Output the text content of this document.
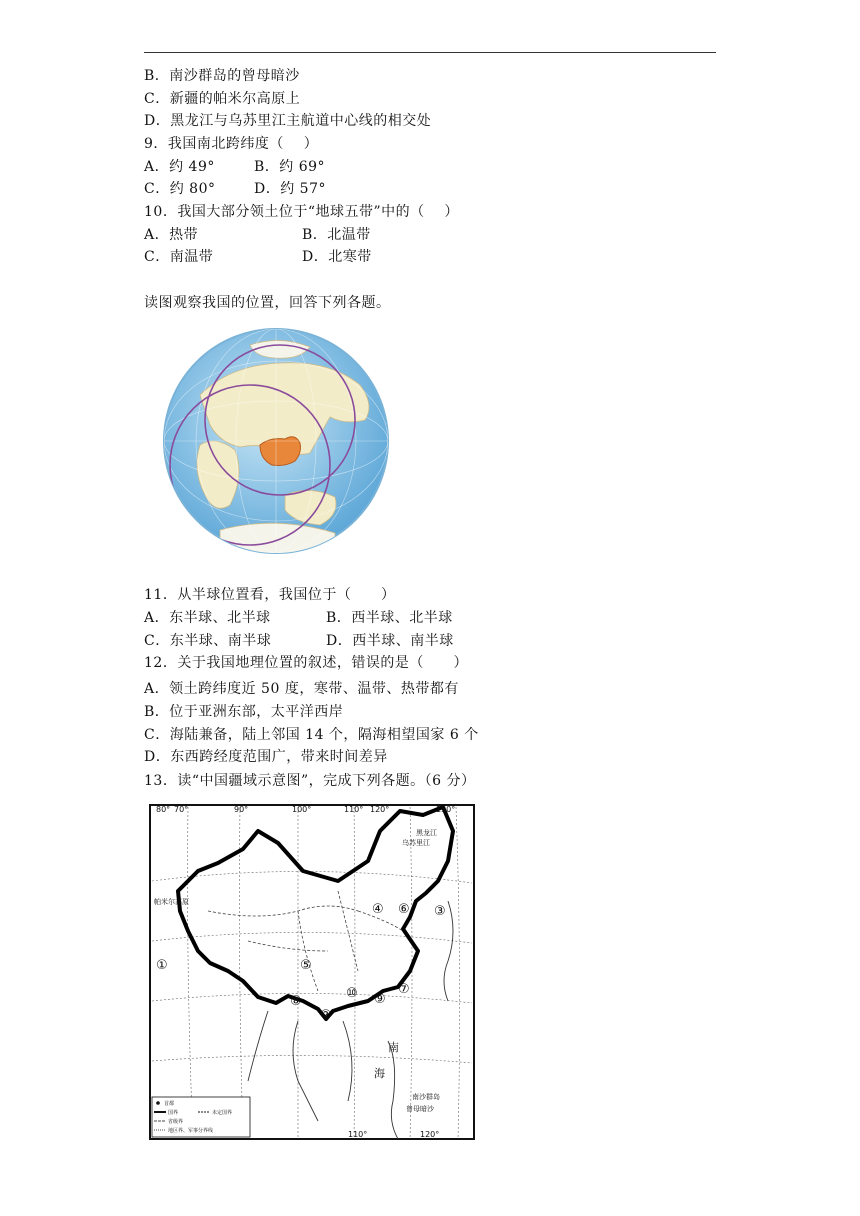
B．南沙群岛的曾母暗沙
C．新疆的帕米尔高原上
D．黑龙江与乌苏里江主航道中心线的相交处
9．我国南北跨纬度（    ）
A．约 49°	B．约 69°
C．约 80°	D．约 57°
10．我国大部分领土位于“地球五带”中的（    ）
A．热带	B．北温带
C．南温带	D．北寒带
读图观察我国的位置，回答下列各题。
11．从半球位置看，我国位于（      ）
A．东半球、北半球	B．西半球、北半球
C．东半球、南半球	D．西半球、南半球
12．关于我国地理位置的叙述，错误的是（      ）
A．领土跨纬度近 50 度，寒带、温带、热带都有
B．位于亚洲东部，太平洋西岸
C．海陆兼备，陆上邻国 14 个，隔海相望国家 6 个
D．东西跨经度范围广，带来时间差异
13．读“中国疆域示意图”，完成下列各题。（6 分）
80° 70°	90°	100°	110° 120°	130°
110°	120°
帕米尔高原
黑龙江
乌苏里江
南
海
南沙群岛
曾母暗沙
①
②
③
④
⑤
⑥
⑦
⑧	⑨
⑩
首都
国界	未定国界
省级界
地区界、军事分界线
